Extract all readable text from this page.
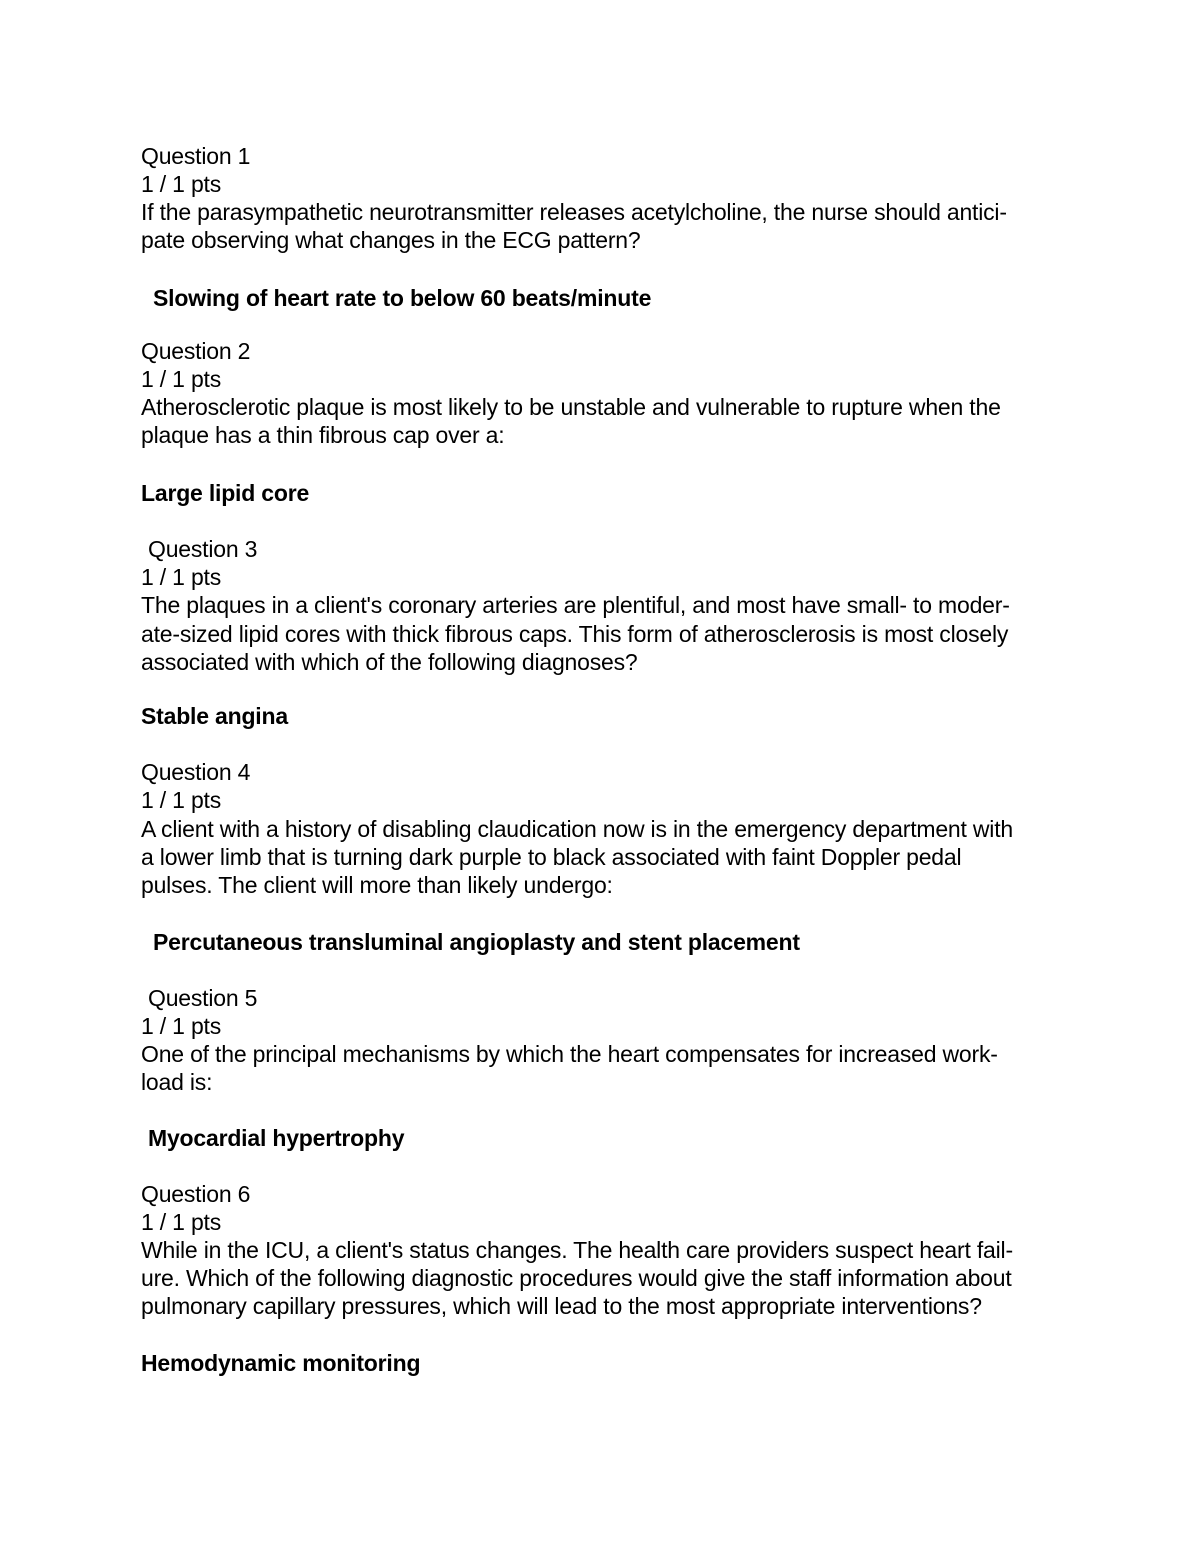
Question 1
1 / 1 pts
If the parasympathetic neurotransmitter releases acetylcholine, the nurse should antici-
pate observing what changes in the ECG pattern?
Slowing of heart rate to below 60 beats/minute
Question 2
1 / 1 pts
Atherosclerotic plaque is most likely to be unstable and vulnerable to rupture when the
plaque has a thin fibrous cap over a:
Large lipid core
Question 3
1 / 1 pts
The plaques in a client's coronary arteries are plentiful, and most have small- to moder-
ate-sized lipid cores with thick fibrous caps. This form of atherosclerosis is most closely
associated with which of the following diagnoses?
Stable angina
Question 4
1 / 1 pts
A client with a history of disabling claudication now is in the emergency department with
a lower limb that is turning dark purple to black associated with faint Doppler pedal
pulses. The client will more than likely undergo:
Percutaneous transluminal angioplasty and stent placement
Question 5
1 / 1 pts
One of the principal mechanisms by which the heart compensates for increased work-
load is:
Myocardial hypertrophy
Question 6
1 / 1 pts
While in the ICU, a client's status changes. The health care providers suspect heart fail-
ure. Which of the following diagnostic procedures would give the staff information about
pulmonary capillary pressures, which will lead to the most appropriate interventions?
Hemodynamic monitoring
